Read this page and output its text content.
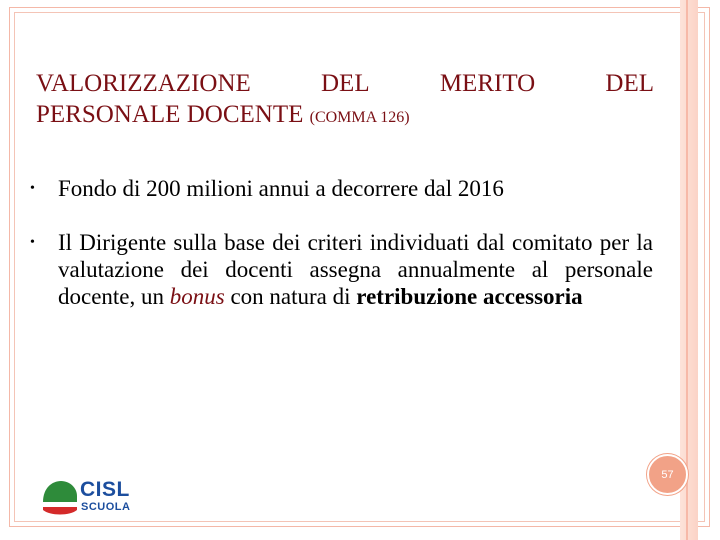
VALORIZZAZIONE	DEL	MERITO	DEL
PERSONALE DOCENTE (COMMA 126)
•	Fondo di 200 milioni annui a decorrere dal 2016
•	Il Dirigente sulla base dei criteri individuati dal comitato per la valutazione dei docenti assegna annualmente al personale docente, un bonus con natura di retribuzione accessoria
57
CISL
SCUOLA
